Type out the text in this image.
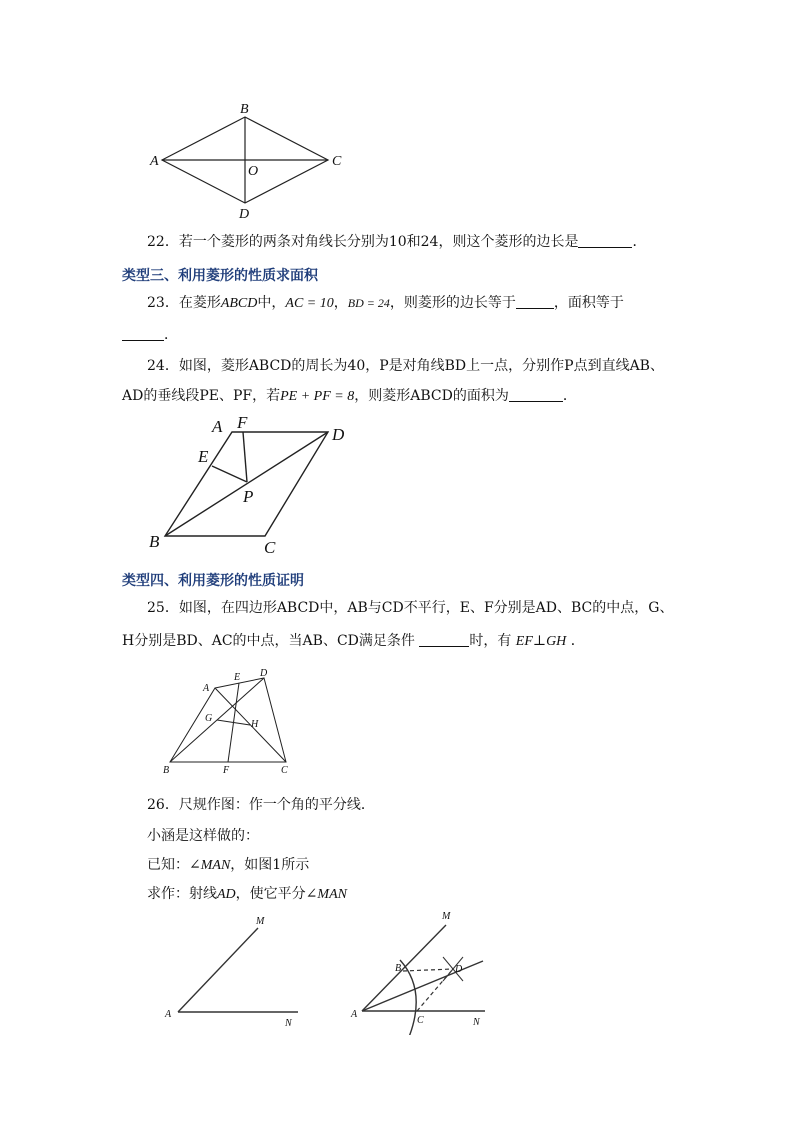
A
B
C
D
O
22．若一个菱形的两条对角线长分别为10和24，则这个菱形的边长是	．
类型三、利用菱形的性质求面积
23．在菱形ABCD中，AC = 10，BD = 24，则菱形的边长等于	，面积等于
．
24．如图，菱形ABCD的周长为40，P是对角线BD上一点，分别作P点到直线AB、
AD的垂线段PE、PF，若PE + PF = 8，则菱形ABCD的面积为	．
A F
D
E
P
B	C
类型四、利用菱形的性质证明
25．如图，在四边形ABCD中，AB与CD不平行，E、F分别是AD、BC的中点，G、
H分别是BD、AC的中点，当AB、CD满足条件	时，有 EF⊥GH ．
A
E D
G
H
B	F	C
26．尺规作图：作一个角的平分线．
小涵是这样做的：
已知：∠MAN，如图1所示
求作：射线AD，使它平分∠MAN
M
A
N
M
B	D
A
C	N
